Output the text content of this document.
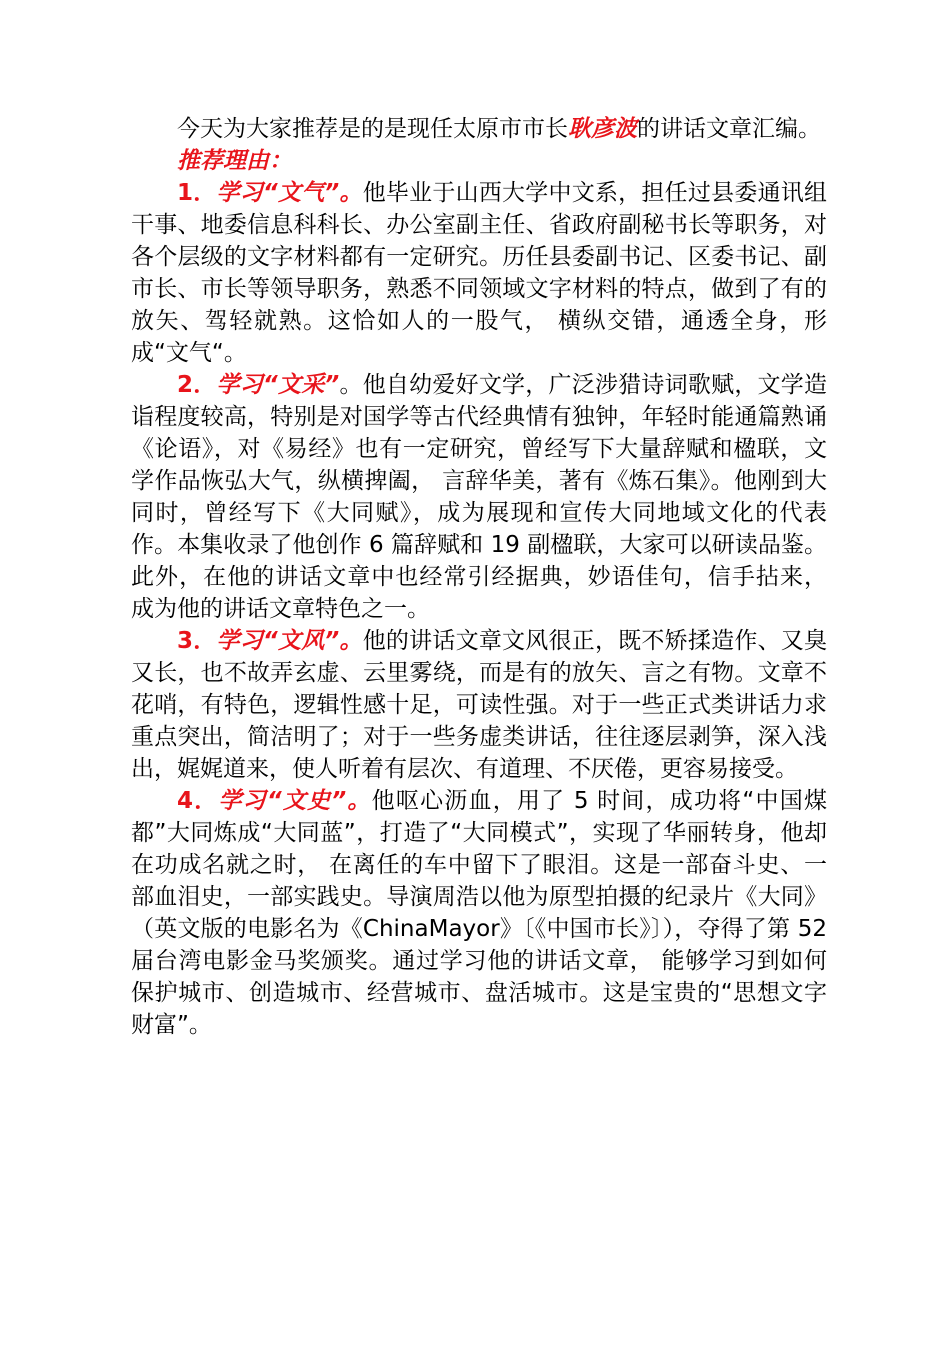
今天为大家推荐是的是现任太原市市长耿彦波的讲话文章汇编。

推荐理由：

1．学习“文气”。他毕业于山西大学中文系，担任过县委通讯组干事、地委信息科科长、办公室副主任、省政府副秘书长等职务，对各个层级的文字材料都有一定研究。历任县委副书记、区委书记、副市长、市长等领导职务，熟悉不同领域文字材料的特点，做到了有的放矢、驾轻就熟。这恰如人的一股气， 横纵交错，通透全身，形成“文气“。

2．学习“文采”。他自幼爱好文学，广泛涉猎诗词歌赋，文学造诣程度较高，特别是对国学等古代经典情有独钟，年轻时能通篇熟诵《论语》，对《易经》也有一定研究，曾经写下大量辞赋和楹联，文学作品恢弘大气，纵横捭阖， 言辞华美，著有《炼石集》。他刚到大同时，曾经写下《大同赋》，成为展现和宣传大同地域文化的代表作。本集收录了他创作 6 篇辞赋和 19 副楹联，大家可以研读品鉴。此外，在他的讲话文章中也经常引经据典，妙语佳句，信手拈来， 成为他的讲话文章特色之一。

3．学习“文风”。他的讲话文章文风很正，既不矫揉造作、又臭又长，也不故弄玄虚、云里雾绕，而是有的放矢、言之有物。文章不花哨，有特色，逻辑性感十足，可读性强。对于一些正式类讲话力求重点突出，简洁明了；对于一些务虚类讲话，往往逐层剥笋，深入浅出，娓娓道来，使人听着有层次、有道理、不厌倦，更容易接受。

4．学习“文史”。他呕心沥血，用了 5 时间，成功将“中国煤都”大同炼成“大同蓝”，打造了“大同模式”，实现了华丽转身，他却在功成名就之时， 在离任的车中留下了眼泪。这是一部奋斗史、一部血泪史，一部实践史。导演周浩以他为原型拍摄的纪录片《大同》（英文版的电影名为《ChinaMayor》〔《中国市长》〕），夺得了第 52 届台湾电影金马奖颁奖。通过学习他的讲话文章， 能够学习到如何保护城市、创造城市、经营城市、盘活城市。这是宝贵的“思想文字财富”。
